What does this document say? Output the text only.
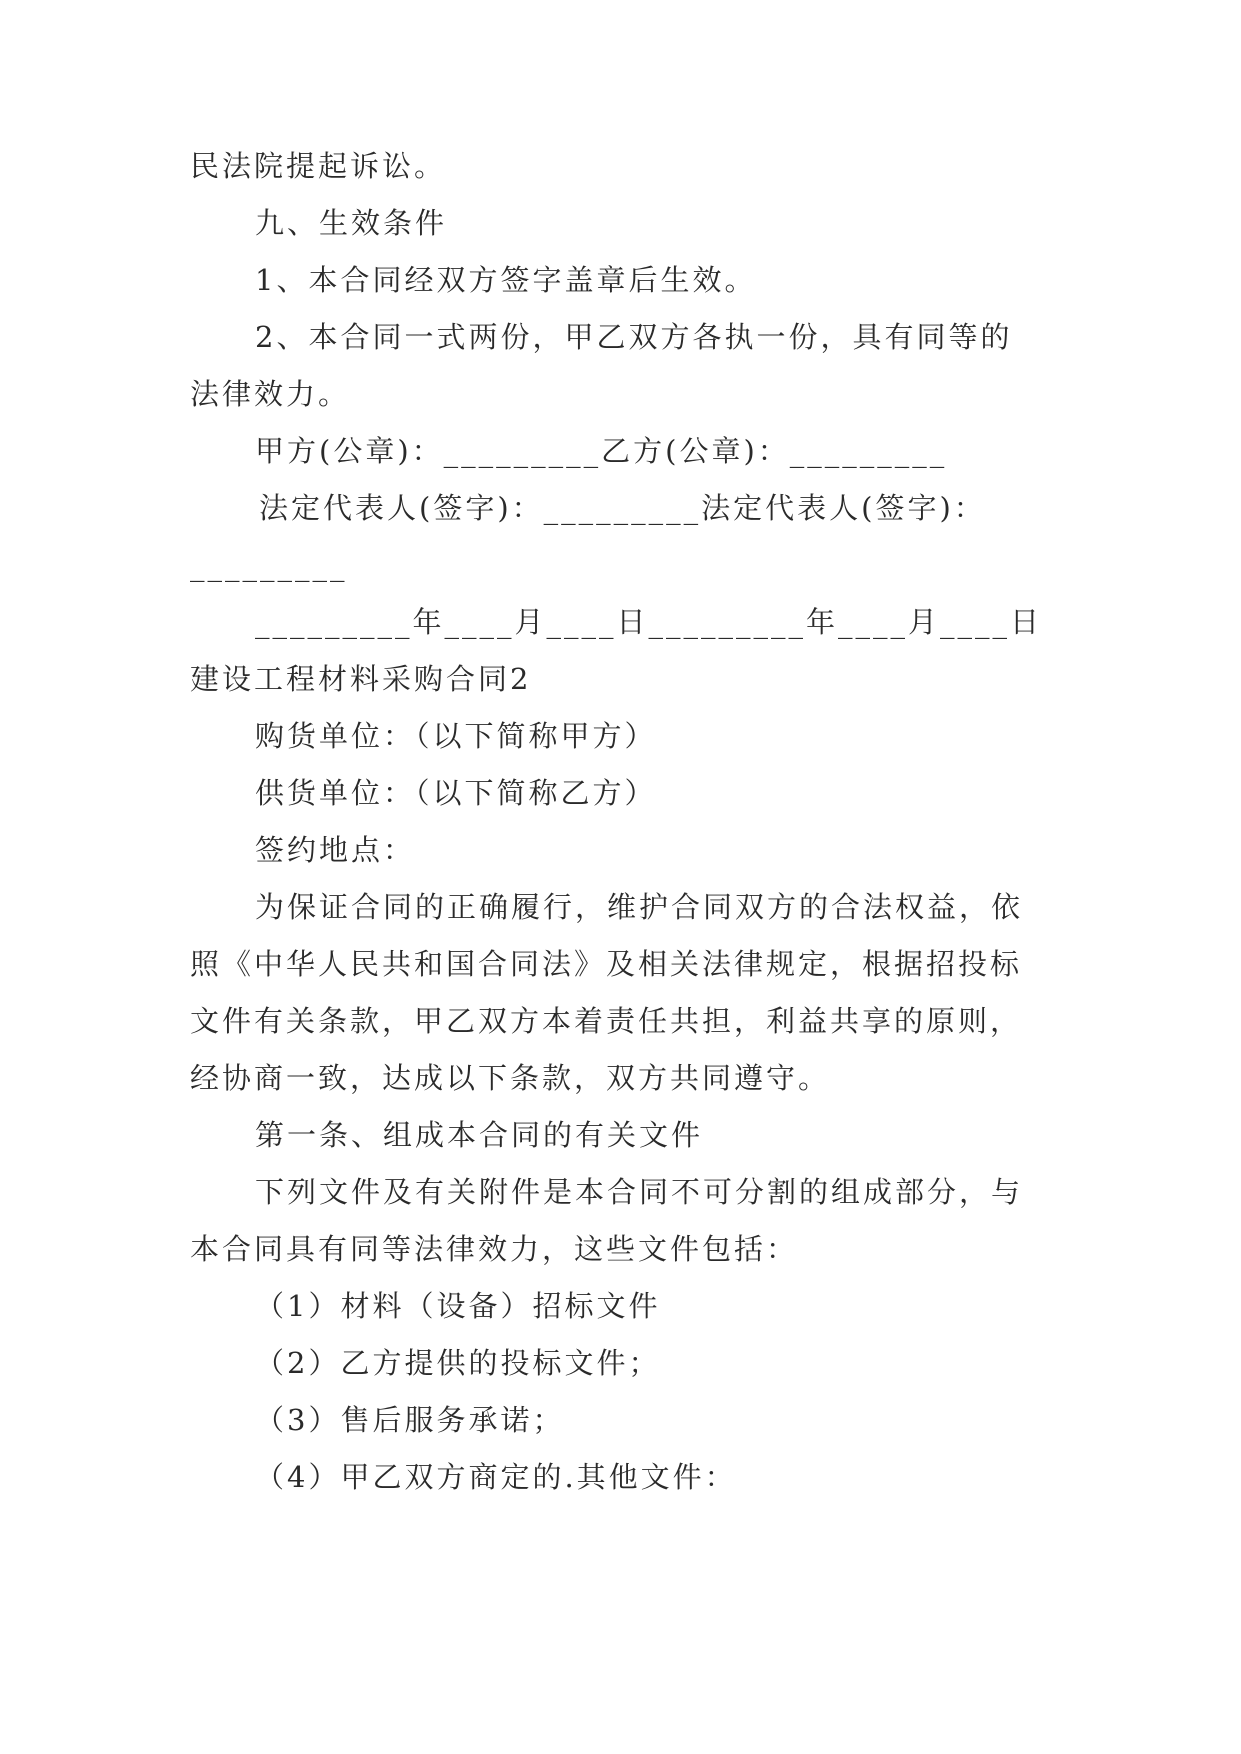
民法院提起诉讼。
九、生效条件
1、本合同经双方签字盖章后生效。
2、本合同一式两份，甲乙双方各执一份，具有同等的
法律效力。
甲方(公章)：_________乙方(公章)：_________
法定代表人(签字)：_________法定代表人(签字)：
_________
_________年____月____日_________年____月____日
建设工程材料采购合同2
购货单位：（以下简称甲方）
供货单位：（以下简称乙方）
签约地点：
为保证合同的正确履行，维护合同双方的合法权益，依
照《中华人民共和国合同法》及相关法律规定，根据招投标
文件有关条款，甲乙双方本着责任共担，利益共享的原则，
经协商一致，达成以下条款，双方共同遵守。
第一条、组成本合同的有关文件
下列文件及有关附件是本合同不可分割的组成部分，与
本合同具有同等法律效力，这些文件包括：
（1）材料（设备）招标文件
（2）乙方提供的投标文件；
（3）售后服务承诺；
（4）甲乙双方商定的.其他文件：
